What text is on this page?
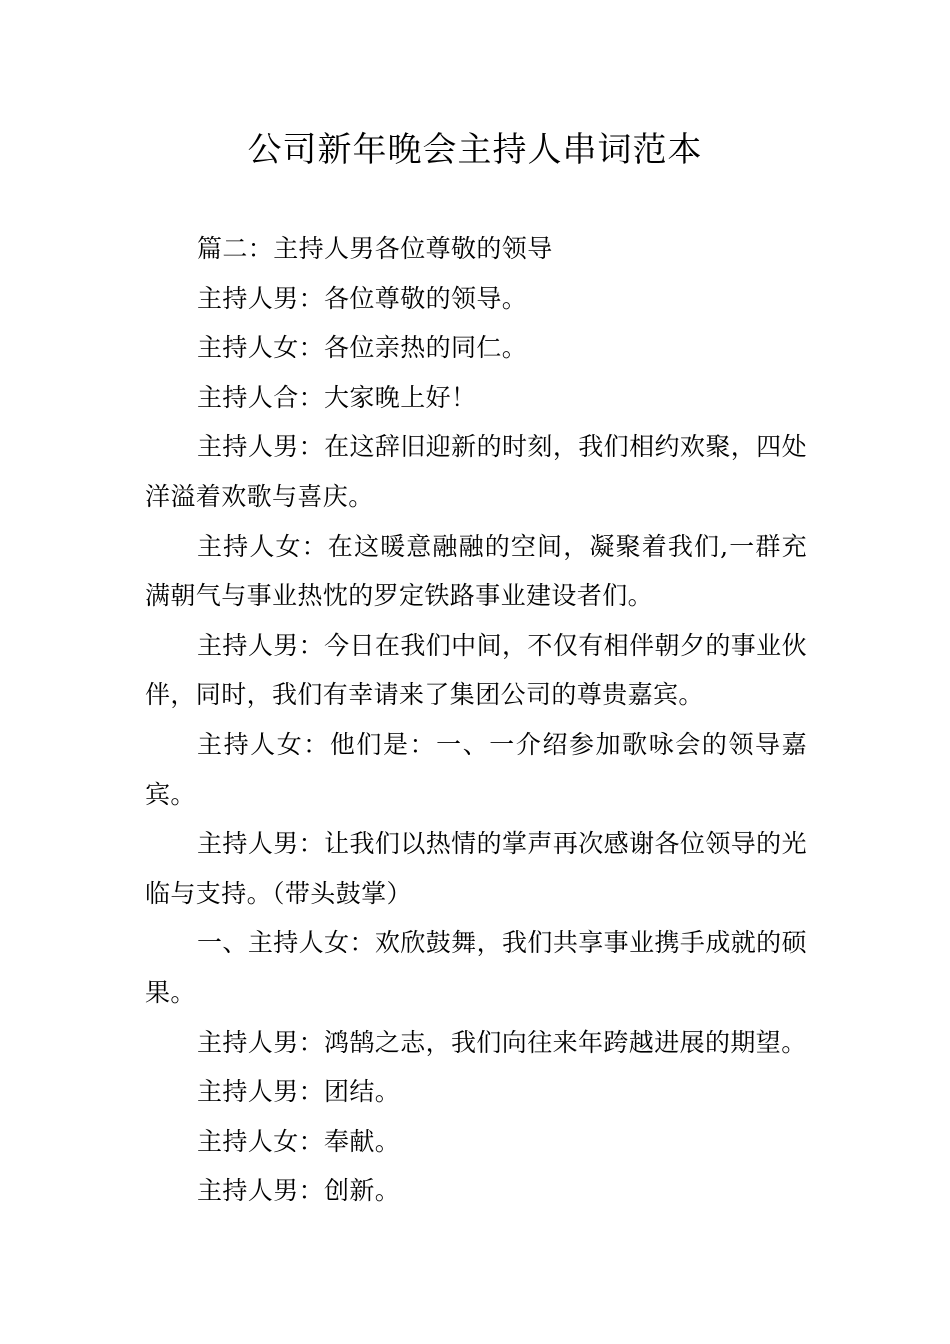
公司新年晚会主持人串词范本

篇二：主持人男各位尊敬的领导

主持人男：各位尊敬的领导。

主持人女：各位亲热的同仁。

主持人合：大家晚上好！

主持人男：在这辞旧迎新的时刻，我们相约欢聚，四处洋溢着欢歌与喜庆。

主持人女：在这暖意融融的空间，凝聚着我们,一群充满朝气与事业热忱的罗定铁路事业建设者们。

主持人男：今日在我们中间，不仅有相伴朝夕的事业伙伴，同时，我们有幸请来了集团公司的尊贵嘉宾。

主持人女：他们是：一、一介绍参加歌咏会的领导嘉宾。

主持人男：让我们以热情的掌声再次感谢各位领导的光临与支持。（带头鼓掌）

一、主持人女：欢欣鼓舞，我们共享事业携手成就的硕果。

主持人男：鸿鹄之志，我们向往来年跨越进展的期望。

主持人男：团结。

主持人女：奉献。

主持人男：创新。
